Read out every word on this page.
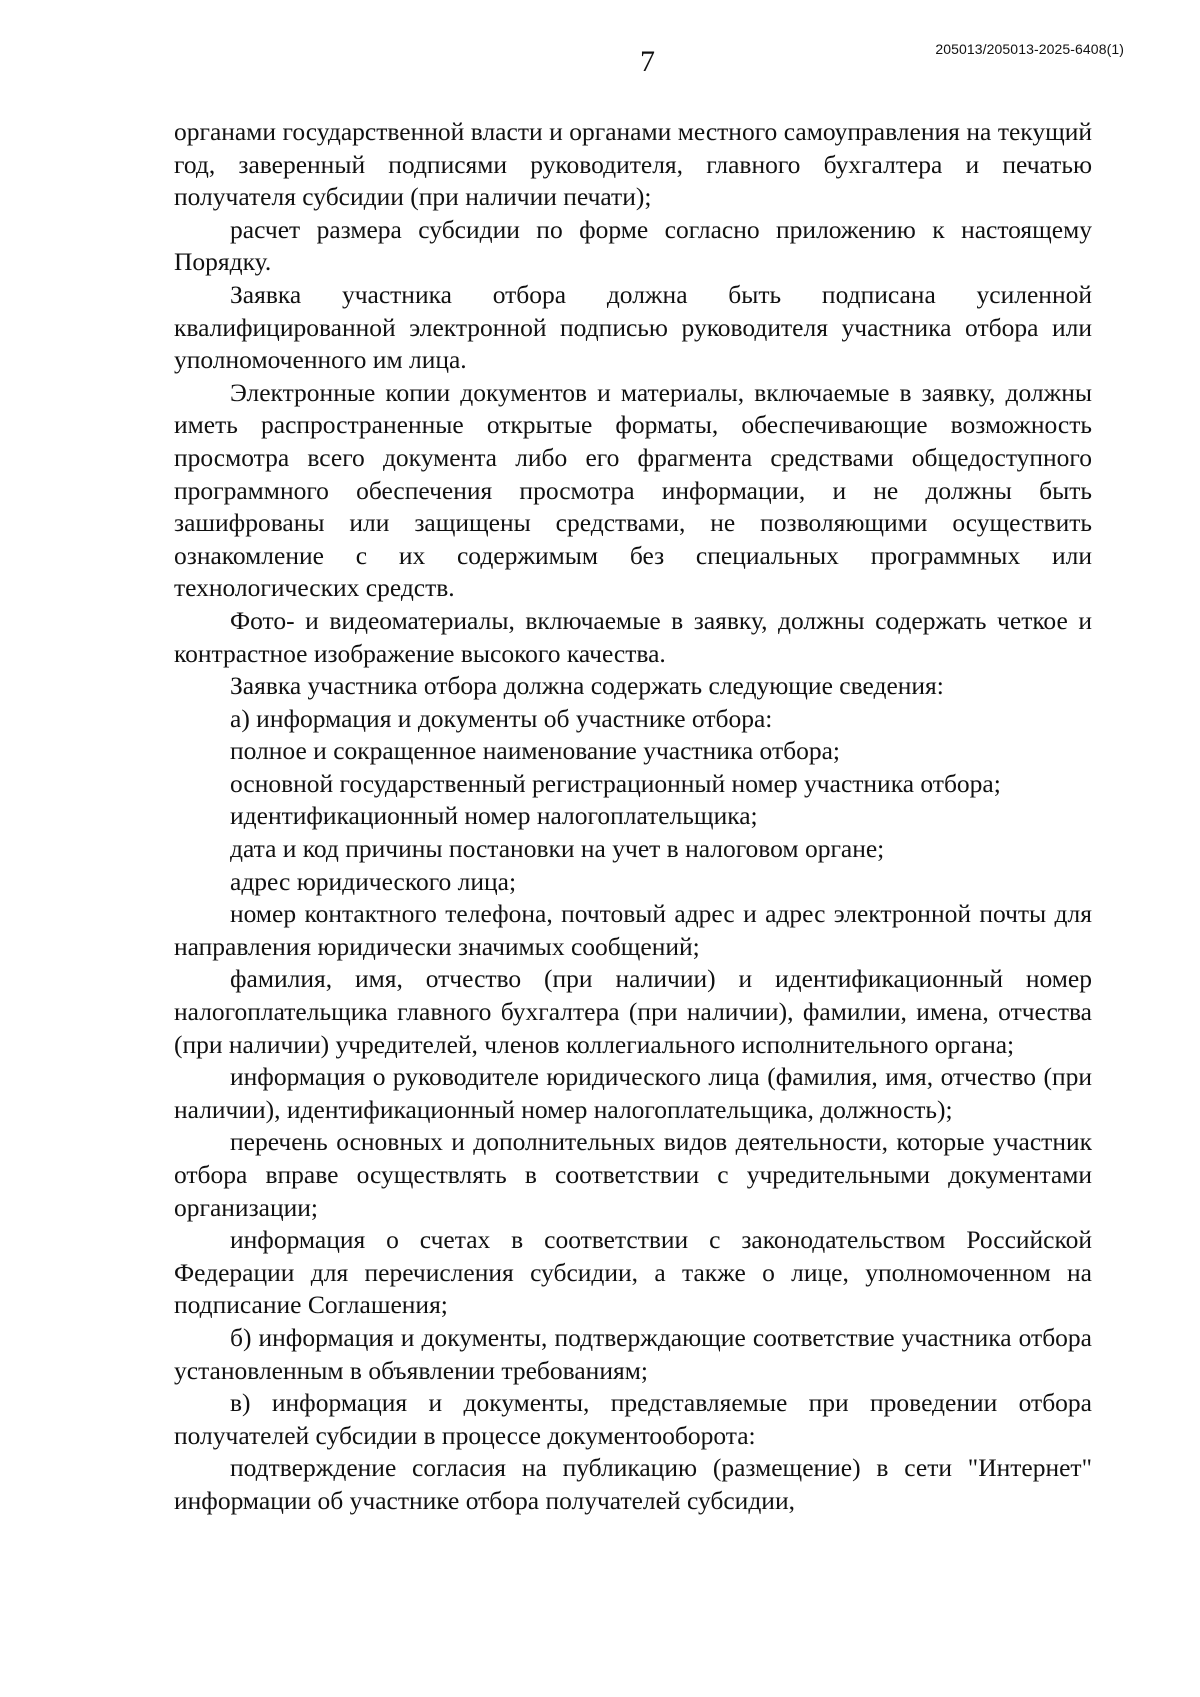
7	205013/205013-2025-6408(1)

органами государственной власти и органами местного самоуправления на текущий год, заверенный подписями руководителя, главного бухгалтера и печатью получателя субсидии (при наличии печати);

расчет размера субсидии по форме согласно приложению к настоящему Порядку.

Заявка участника отбора должна быть подписана усиленной квалифицированной электронной подписью руководителя участника отбора или уполномоченного им лица.

Электронные копии документов и материалы, включаемые в заявку, должны иметь распространенные открытые форматы, обеспечивающие возможность просмотра всего документа либо его фрагмента средствами общедоступного программного обеспечения просмотра информации, и не должны быть зашифрованы или защищены средствами, не позволяющими осуществить ознакомление с их содержимым без специальных программных или технологических средств.

Фото- и видеоматериалы, включаемые в заявку, должны содержать четкое и контрастное изображение высокого качества.

Заявка участника отбора должна содержать следующие сведения:

а) информация и документы об участнике отбора:

полное и сокращенное наименование участника отбора;

основной государственный регистрационный номер участника отбора;

идентификационный номер налогоплательщика;

дата и код причины постановки на учет в налоговом органе;

адрес юридического лица;

номер контактного телефона, почтовый адрес и адрес электронной почты для направления юридически значимых сообщений;

фамилия, имя, отчество (при наличии) и идентификационный номер налогоплательщика главного бухгалтера (при наличии), фамилии, имена, отчества (при наличии) учредителей, членов коллегиального исполнительного органа;

информация о руководителе юридического лица (фамилия, имя, отчество (при наличии), идентификационный номер налогоплательщика, должность);

перечень основных и дополнительных видов деятельности, которые участник отбора вправе осуществлять в соответствии с учредительными документами организации;

информация о счетах в соответствии с законодательством Российской Федерации для перечисления субсидии, а также о лице, уполномоченном на подписание Соглашения;

б) информация и документы, подтверждающие соответствие участника отбора установленным в объявлении требованиям;

в) информация и документы, представляемые при проведении отбора получателей субсидии в процессе документооборота:

подтверждение согласия на публикацию (размещение) в сети "Интернет" информации об участнике отбора получателей субсидии,
